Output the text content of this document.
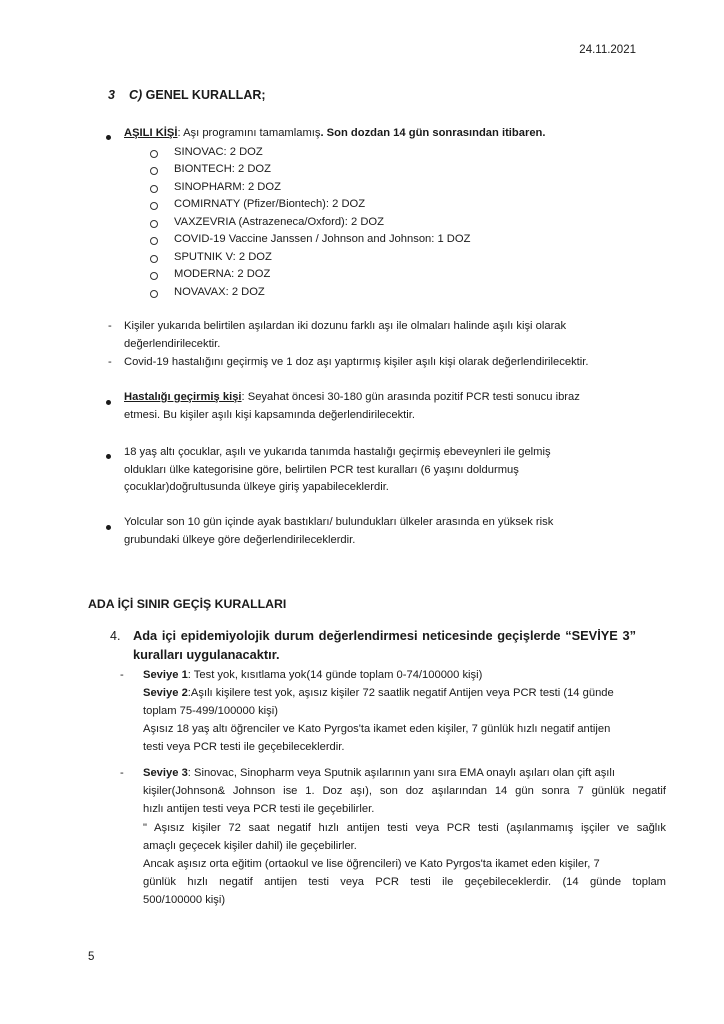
24.11.2021
3 C) GENEL KURALLAR;
AŞILI KİŞİ: Aşı programını tamamlamış. Son dozdan 14 gün sonrasından itibaren.
SINOVAC: 2 DOZ
BIONTECH: 2 DOZ
SINOPHARM: 2 DOZ
COMIRNATY (Pfizer/Biontech): 2 DOZ
VAXZEVRIA (Astrazeneca/Oxford): 2 DOZ
COVID-19 Vaccine Janssen / Johnson and Johnson: 1 DOZ
SPUTNIK V: 2 DOZ
MODERNA: 2 DOZ
NOVAVAX: 2 DOZ
- Kişiler yukarıda belirtilen aşılardan iki dozunu farklı aşı ile olmaları halinde aşılı kişi olarak
değerlendirilecektir.
- Covid-19 hastalığını geçirmiş ve 1 doz aşı yaptırmış kişiler aşılı kişi olarak değerlendirilecektir.
Hastalığı geçirmiş kişi: Seyahat öncesi 30-180 gün arasında pozitif PCR testi sonucu ibraz
etmesi. Bu kişiler aşılı kişi kapsamında değerlendirilecektir.
18 yaş altı çocuklar, aşılı ve yukarıda tanımda hastalığı geçirmiş ebeveynleri ile gelmiş
oldukları ülke kategorisine göre, belirtilen PCR test kuralları (6 yaşını doldurmuş
çocuklar)doğrultusunda ülkeye giriş yapabileceklerdir.
Yolcular son 10 gün içinde ayak bastıkları/ bulundukları ülkeler arasında en yüksek risk
grubundaki ülkeye göre değerlendirileceklerdir.
ADA İÇİ SINIR GEÇİŞ KURALLARI
4. Ada içi epidemiyolojik durum değerlendirmesi neticesinde geçişlerde “SEVİYE 3”
kuralları uygulanacaktır.
- Seviye 1: Test yok, kısıtlama yok(14 günde toplam 0-74/100000 kişi)
Seviye 2:Aşılı kişilere test yok, aşısız kişiler 72 saatlik negatif Antijen veya PCR testi (14 günde
toplam 75-499/100000 kişi)
Aşısız 18 yaş altı öğrenciler ve Kato Pyrgos'ta ikamet eden kişiler, 7 günlük hızlı negatif antijen
testi veya PCR testi ile geçebileceklerdir.
- Seviye 3: Sinovac, Sinopharm veya Sputnik aşılarının yanı sıra EMA onaylı aşıları olan çift aşılı
kişiler(Johnson& Johnson ise 1. Doz aşı), son doz aşılarından 14 gün sonra 7 günlük negatif
hızlı antijen testi veya PCR testi ile geçebilirler.
" Aşısız kişiler 72 saat negatif hızlı antijen testi veya PCR testi (aşılanmamış işçiler ve sağlık
amaçlı geçecek kişiler dahil) ile geçebilirler.
Ancak aşısız orta eğitim (ortaokul ve lise öğrencileri) ve Kato Pyrgos'ta ikamet eden kişiler, 7
günlük hızlı negatif antijen testi veya PCR testi ile geçebileceklerdir. (14 günde toplam
500/100000 kişi)
5
